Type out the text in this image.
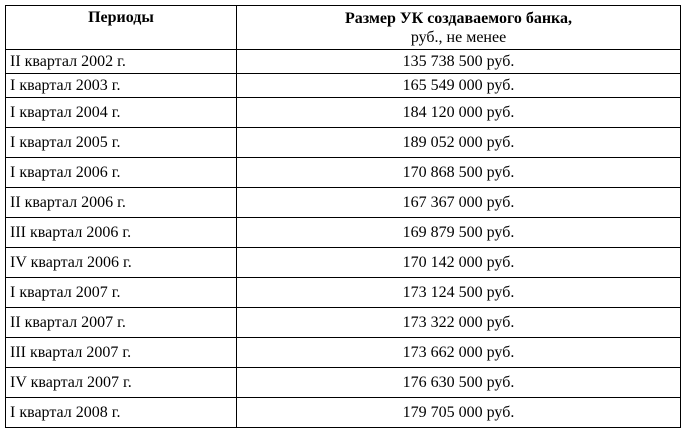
Периоды	Размер УК создаваемого банка,
руб., не менее

II квартал 2002 г.	135 738 500 руб.
I квартал 2003 г.	165 549 000 руб.
I квартал 2004 г.	184 120 000 руб.
I квартал 2005 г.	189 052 000 руб.
I квартал 2006 г.	170 868 500 руб.
II квартал 2006 г.	167 367 000 руб.
III квартал 2006 г.	169 879 500 руб.
IV квартал 2006 г.	170 142 000 руб.
I квартал 2007 г.	173 124 500 руб.
II квартал 2007 г.	173 322 000 руб.
III квартал 2007 г.	173 662 000 руб.
IV квартал 2007 г.	176 630 500 руб.
I квартал 2008 г.	179 705 000 руб.
